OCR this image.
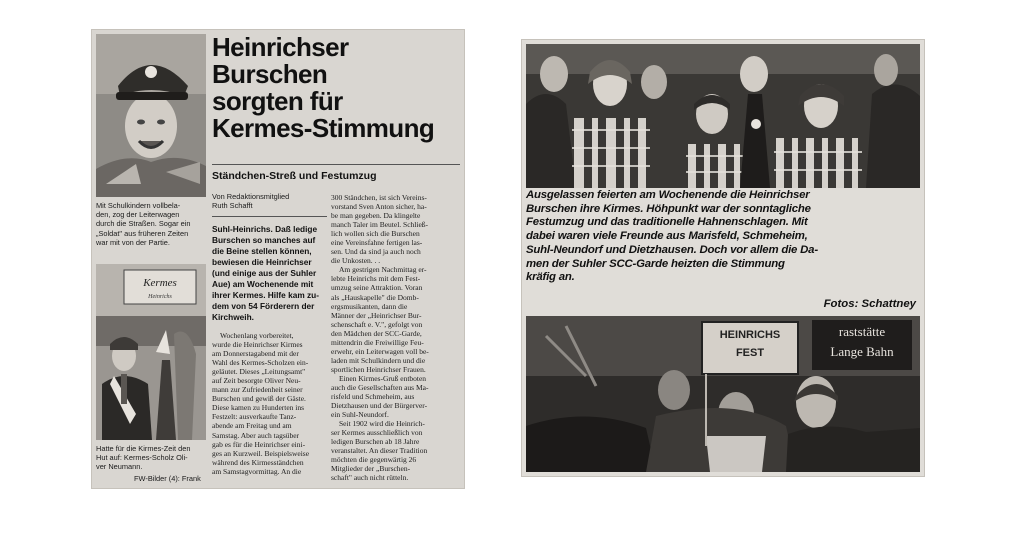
Mit Schulkindern vollbela-
den, zog der Leiterwagen
durch die Straßen. Sogar ein
„Soldat" aus früheren Zeiten
war mit von der Partie.
Kermes
Heinrichs
Hatte für die Kirmes-Zeit den
Hut auf: Kermes-Scholz Oli-
ver Neumann.
FW-Bilder (4): Frank
Heinrichser Burschen
sorgten für
Kermes-Stimmung
Ständchen-Streß und Festumzug
Von Redaktionsmitglied
Ruth Schafft
Suhl-Heinrichs. Daß ledige
Burschen so manches auf
die Beine stellen können,
bewiesen die Heinrichser
(und einige aus der Suhler
Aue) am Wochenende mit
ihrer Kermes. Hilfe kam zu-
dem von 54 Förderern der
Kirchweih.
Wochenlang vorbereitet,
wurde die Heinrichser Kirmes
am Donnerstagabend mit der
Wahl des Kermes-Scholzen ein-
geläutet. Dieses „Leitungsamt"
auf Zeit besorgte Oliver Neu-
mann zur Zufriedenheit seiner
Burschen und gewiß der Gäste.
Diese kamen zu Hunderten ins
Festzelt: ausverkaufte Tanz-
abende am Freitag und am
Samstag. Aber auch tagsüber
gab es für die Heinrichser eini-
ges an Kurzweil. Beispielsweise
während des Kirmesständchen
am Samstagvormittag. An die
300 Ständchen, ist sich Vereins-
vorstand Sven Anton sicher, ha-
be man gegeben. Da klingelte
manch Taler im Beutel. Schließ-
lich wollen sich die Burschen
eine Vereinsfahne fertigen las-
sen. Und da sind ja auch noch
die Unkosten. . .
Am gestrigen Nachmittag er-
lebte Heinrichs mit dem Fest-
umzug seine Attraktion. Voran
als „Hauskapelle" die Domb-
ergsmusikanten, dann die
Männer der „Heinrichser Bur-
schenschaft e. V.", gefolgt von
den Mädchen der SCC-Garde,
mittendrin die Freiwillige Feu-
erwehr, ein Leiterwagen voll be-
laden mit Schulkindern und die
sportlichen Heinrichser Frauen.
Einen Kirmes-Gruß entboten
auch die Gesellschaften aus Ma-
risfeld und Schmeheim, aus
Dietzhausen und der Bürgerver-
ein Suhl-Neundorf.
Seit 1902 wird die Heinrich-
ser Kermes ausschließlich von
ledigen Burschen ab 18 Jahre
veranstaltet. An dieser Tradition
möchten die gegenwärtig 26
Mitglieder der „Burschen-
schaft" auch nicht rütteln.
Ausgelassen feierten am Wochenende die Heinrichser
Burschen ihre Kirmes. Höhpunkt war der sonntagliche
Festumzug und das traditionelle Hahnenschlagen. Mit
dabei waren viele Freunde aus Marisfeld, Schmeheim,
Suhl-Neundorf und Dietzhausen. Doch vor allem die Da-
men der Suhler SCC-Garde heizten die Stimmung
kräfig an.
Fotos: Schattney
HEINRICHS
FEST
raststätte
Lange Bahn
